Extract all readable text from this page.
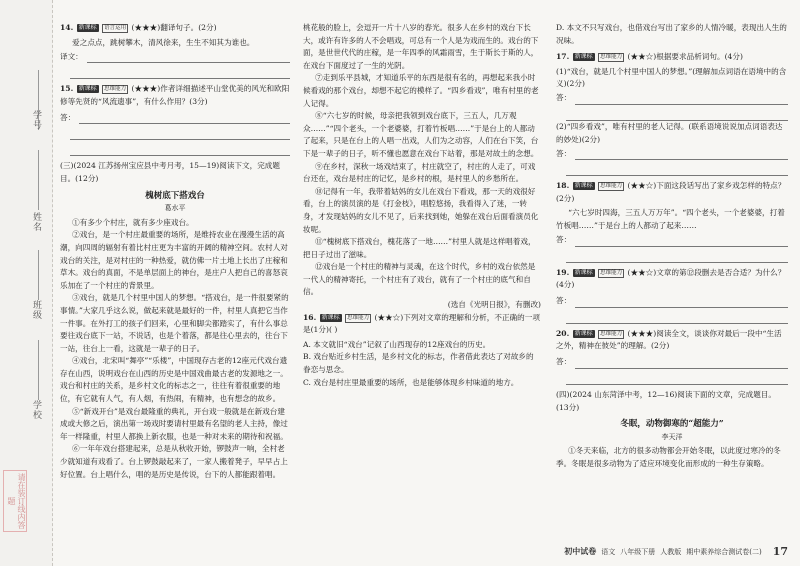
学号
姓名
班级
学校
请在装订线内答题
14. 新课标 语言运用 (★★★)翻译句子。(2分)
爱之点点，跳树攀木，清风徐来，生生不知其为谁也。
译文：
15. 新课标 思维能力 (★★★)作者详细描述平山堂优美的风光和欧阳修等先贤的“风流遗事”，有什么作用？(3分)
答：
(三)(2024 江苏扬州宝应县中考月考，15—19)阅读下文，完成题目。(12分)
槐树底下搭戏台
葛水平

①有多少个村庄，就有多少座戏台。

②戏台，是一个村庄最重要的场所，是维持农业在漫漫生活的高潮，向四周的辐射有着比村庄更为丰富的开阔的精神空间。农村人对戏台的关注，是对村庄的一种热爱，就仿佛一片土地上长出了庄稼和草木。戏台的真面，不是单层面上的神台，是庄户人把自己的喜怒哀乐加在了一个村庄的背景里。

③戏台，就是几个村里中国人的梦想。“搭戏台，是一件很要紧的事情。”大家几乎这么说，做起来就是最好的一件，村里人真把它当作一件事。在外打工的孩子们回来，心里和脚尖都踏实了，有什么事总要往戏台底下一站，不说话，也是个着落，都是往心里去的，往台下一站，往台上一看，这就是一辈子的日子。

④戏台，北宋叫“舞亭”“乐楼”，中国现存古老的12座元代戏台遗存在山西，说明戏台在山西的历史是中国戏曲最古老的发源地之一。戏台和村庄的关系，是乡村文化的标志之一，往往有着很重要的地位，有它就有人气，有人烟，有热闹，有精神，也有想念的故乡。

⑤“新戏开台”是戏台最隆重的典礼，开台戏一般就是在新戏台建成或大修之后，演出第一场戏时要请村里最有名望的老人主持，像过年一样隆重，村里人都换上新衣服，也是一种对未来的期待和祝福。

⑥一年年戏台搭建起来，总是从秋收开始，锣鼓声一响，全村老少就知道有戏看了。台上锣鼓敲起来了，一家人搬着凳子，早早占上好位置。台上唱什么，唱的是历史是传说，台下的人都能跟着唱。

桃花般的脸上，会逗开一片十八岁的春光。很多人在乡村的戏台下长大，或许有许多的人不会唱戏，可总有一个人是为戏而生的。戏台的下面，是世世代代的庄稼，是一年四季的风霜雨雪，生于斯长于斯的人，在戏台下面度过了一生的光阴。

⑦走到乐平县城，才知道乐平的东西是很有名的，再想起来我小时候看戏的那个戏台，却想不起它的模样了。“四乡看戏”，唯有村里的老人记得。

⑧“六七岁的时候，母亲把我领到戏台底下，三五人，几万观众……”“四个老头，一个老婆婆，打着竹板唱……”于是台上的人都动了起来，只是在台上的人唱一出戏，人们为之动容，人们在台下笑，台下是一辈子的日子，听不懂也愿意在戏台下站着，那是对故土的念想。

⑨在乡村，深秋一场戏结束了，村庄就空了，村庄的人走了，可戏台还在，戏台是村庄的记忆，是乡村的根，是村里人的乡愁所在。

⑩记得有一年，我带着姑妈的女儿在戏台下看戏，那一天的戏很好看，台上的演员演的是《打金枝》，唱腔悠扬，我看得入了迷，一转身，才发现姑妈的女儿不见了，后来找到她，她躲在戏台后面看演员化妆呢。

⑪“槐树底下搭戏台，槐花落了一地……”村里人就是这样唱着戏，把日子过出了滋味。

⑫戏台是一个村庄的精神与灵魂，在这个时代，乡村的戏台依然是一代人的精神寄托，一个村庄有了戏台，就有了一个村庄的底气和自信。

(选自《光明日报》，有删改)
16. 新课标 思维能力 (★★☆)下列对文章的理解和分析，不正确的一项是(1分)( )
A. 本文就旧“戏台”记叙了山西现存的12座戏台的历史。
B. 戏台贴近乡村生活，是乡村文化的标志，作者借此表达了对故乡的眷恋与思念。
C. 戏台是村庄里最重要的场所，也是能够体现乡村味道的地方。
D. 本文不只写戏台，也借戏台写出了家乡的人情冷暖，表现出人生的况味。
17. 新课标 思维能力 (★★☆)根据要求品析词句。(4分)
(1)“戏台，就是几个村里中国人的梦想。”(理解加点词语在语境中的含义)(2分)
答：
(2)“四乡看戏”，唯有村里的老人记得。(联系语境说说加点词语表达的妙处)(2分)
答：
18. 新课标 思维能力 (★★☆)下面这段话写出了家乡戏怎样的特点？(2分)
“六七岁时四海，三五人万万年”。“四个老头，一个老婆婆，打着竹板唱……”于是台上的人都动了起来……
答：
19. 新课标 思维能力 (★★☆)文章的第⑫段删去是否合适？为什么？(4分)
答：
20. 新课标 思维能力 (★★★)阅读全文，谈谈你对最后一段中“生活之外，精神在彼处”的理解。(2分)
答：
(四)(2024 山东菏泽中考，12—16)阅读下面的文章，完成题目。(13分)
冬眠，动物御寒的“超能力”
李天洋

①冬天来临，北方的很多动物都会开始冬眠，以此度过寒冷的冬季。冬眠是很多动物为了适应环境变化而形成的一种生存策略。

初中试卷 语文 八年级下册 人教版 期中素养综合测试卷(二) 17
